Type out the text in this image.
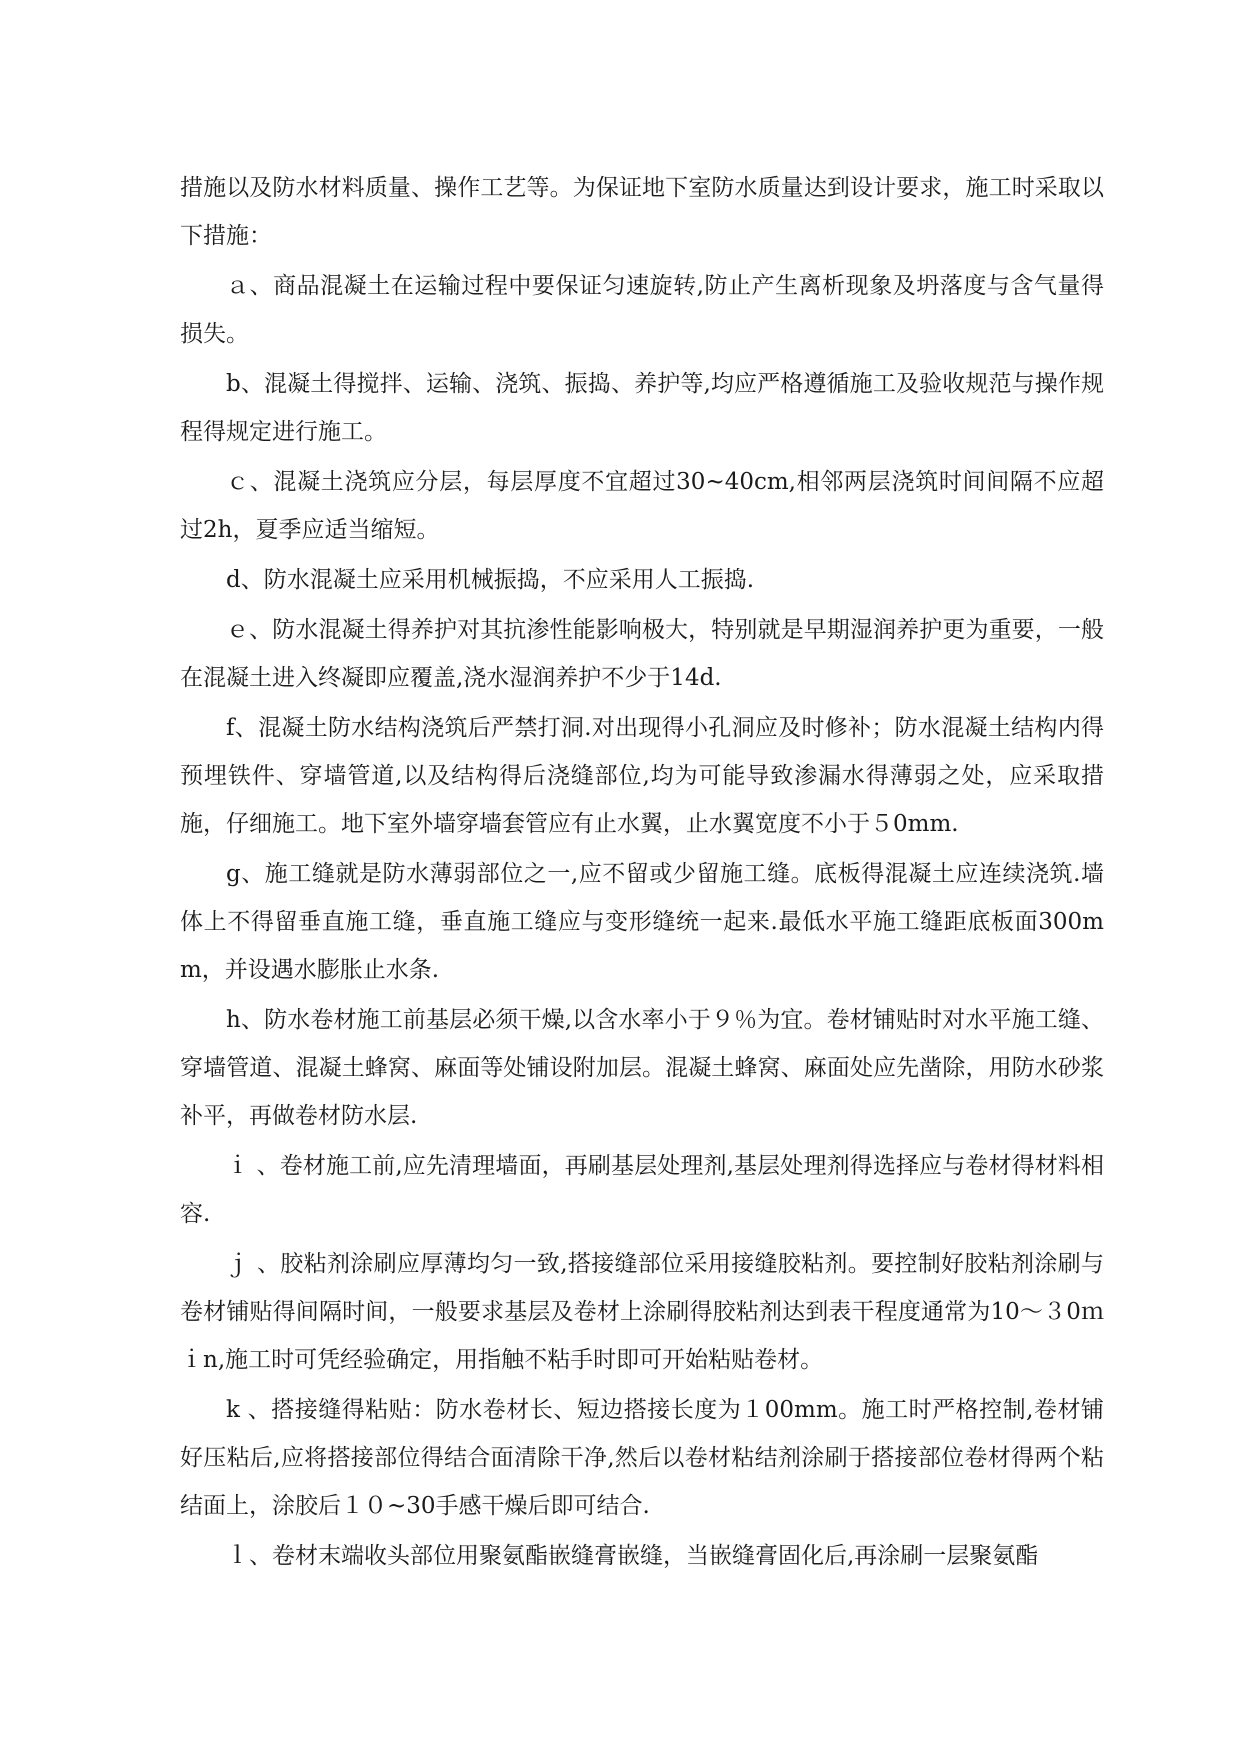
措施以及防水材料质量、操作工艺等。为保证地下室防水质量达到设计要求，施工时采取以下措施：

ａ、商品混凝土在运输过程中要保证匀速旋转,防止产生离析现象及坍落度与含气量得损失。

b、混凝土得搅拌、运输、浇筑、振捣、养护等,均应严格遵循施工及验收规范与操作规程得规定进行施工。

ｃ、混凝土浇筑应分层，每层厚度不宜超过30~40cm,相邻两层浇筑时间间隔不应超过2h，夏季应适当缩短。

d、防水混凝土应采用机械振捣，不应采用人工振捣.

ｅ、防水混凝土得养护对其抗渗性能影响极大，特别就是早期湿润养护更为重要，一般在混凝土进入终凝即应覆盖,浇水湿润养护不少于14d.

f、混凝土防水结构浇筑后严禁打洞.对出现得小孔洞应及时修补；防水混凝土结构内得预埋铁件、穿墙管道,以及结构得后浇缝部位,均为可能导致渗漏水得薄弱之处，应采取措施，仔细施工。地下室外墙穿墙套管应有止水翼，止水翼宽度不小于５0mm.

g、施工缝就是防水薄弱部位之一,应不留或少留施工缝。底板得混凝土应连续浇筑.墙体上不得留垂直施工缝，垂直施工缝应与变形缝统一起来.最低水平施工缝距底板面300mm，并设遇水膨胀止水条.

h、防水卷材施工前基层必须干燥,以含水率小于９％为宜。卷材铺贴时对水平施工缝、穿墙管道、混凝土蜂窝、麻面等处铺设附加层。混凝土蜂窝、麻面处应先凿除，用防水砂浆补平，再做卷材防水层.

ｉ 、卷材施工前,应先清理墙面，再刷基层处理剂,基层处理剂得选择应与卷材得材料相容.

ｊ 、胶粘剂涂刷应厚薄均匀一致,搭接缝部位采用接缝胶粘剂。要控制好胶粘剂涂刷与卷材铺贴得间隔时间，一般要求基层及卷材上涂刷得胶粘剂达到表干程度通常为10～３0ｍｉn,施工时可凭经验确定，用指触不粘手时即可开始粘贴卷材。

k 、搭接缝得粘贴：防水卷材长、短边搭接长度为１00mm。施工时严格控制,卷材铺好压粘后,应将搭接部位得结合面清除干净,然后以卷材粘结剂涂刷于搭接部位卷材得两个粘结面上，涂胶后１０~30手感干燥后即可结合.

ｌ、卷材末端收头部位用聚氨酯嵌缝膏嵌缝，当嵌缝膏固化后,再涂刷一层聚氨酯
